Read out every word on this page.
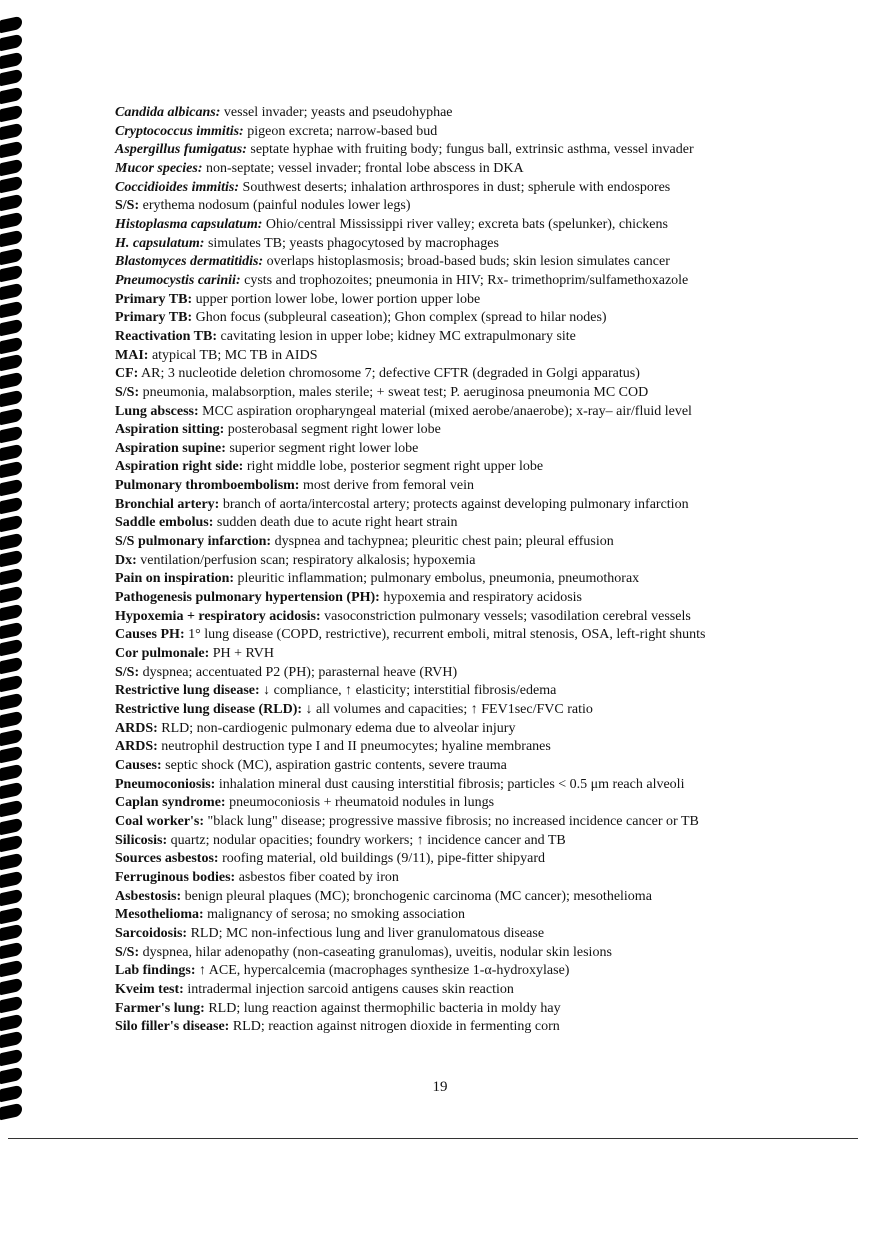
Candida albicans: vessel invader; yeasts and pseudohyphae
Cryptococcus immitis: pigeon excreta; narrow-based bud
Aspergillus fumigatus: septate hyphae with fruiting body; fungus ball, extrinsic asthma, vessel invader
Mucor species: non-septate; vessel invader; frontal lobe abscess in DKA
Coccidioides immitis: Southwest deserts; inhalation arthrospores in dust; spherule with endospores
S/S: erythema nodosum (painful nodules lower legs)
Histoplasma capsulatum: Ohio/central Mississippi river valley; excreta bats (spelunker), chickens
H. capsulatum: simulates TB; yeasts phagocytosed by macrophages
Blastomyces dermatitidis: overlaps histoplasmosis; broad-based buds; skin lesion simulates cancer
Pneumocystis carinii: cysts and trophozoites; pneumonia in HIV; Rx- trimethoprim/sulfamethoxazole
Primary TB: upper portion lower lobe, lower portion upper lobe
Primary TB: Ghon focus (subpleural caseation); Ghon complex (spread to hilar nodes)
Reactivation TB: cavitating lesion in upper lobe; kidney MC extrapulmonary site
MAI: atypical TB; MC TB in AIDS
CF: AR; 3 nucleotide deletion chromosome 7; defective CFTR (degraded in Golgi apparatus)
S/S: pneumonia, malabsorption, males sterile; + sweat test; P. aeruginosa pneumonia MC COD
Lung abscess: MCC aspiration oropharyngeal material (mixed aerobe/anaerobe); x-ray– air/fluid level
Aspiration sitting: posterobasal segment right lower lobe
Aspiration supine: superior segment right lower lobe
Aspiration right side: right middle lobe, posterior segment right upper lobe
Pulmonary thromboembolism: most derive from femoral vein
Bronchial artery: branch of aorta/intercostal artery; protects against developing pulmonary infarction
Saddle embolus: sudden death due to acute right heart strain
S/S pulmonary infarction: dyspnea and tachypnea; pleuritic chest pain; pleural effusion
Dx: ventilation/perfusion scan; respiratory alkalosis; hypoxemia
Pain on inspiration: pleuritic inflammation; pulmonary embolus, pneumonia, pneumothorax
Pathogenesis pulmonary hypertension (PH): hypoxemia and respiratory acidosis
Hypoxemia + respiratory acidosis: vasoconstriction pulmonary vessels; vasodilation cerebral vessels
Causes PH: 1° lung disease (COPD, restrictive), recurrent emboli, mitral stenosis, OSA, left-right shunts
Cor pulmonale: PH + RVH
S/S: dyspnea; accentuated P2 (PH); parasternal heave (RVH)
Restrictive lung disease: ↓ compliance, ↑ elasticity; interstitial fibrosis/edema
Restrictive lung disease (RLD): ↓ all volumes and capacities; ↑ FEV1sec/FVC ratio
ARDS: RLD; non-cardiogenic pulmonary edema due to alveolar injury
ARDS: neutrophil destruction type I and II pneumocytes; hyaline membranes
Causes: septic shock (MC), aspiration gastric contents, severe trauma
Pneumoconiosis: inhalation mineral dust causing interstitial fibrosis; particles < 0.5 μm reach alveoli
Caplan syndrome: pneumoconiosis + rheumatoid nodules in lungs
Coal worker's: "black lung" disease; progressive massive fibrosis; no increased incidence cancer or TB
Silicosis: quartz; nodular opacities; foundry workers; ↑ incidence cancer and TB
Sources asbestos: roofing material, old buildings (9/11), pipe-fitter shipyard
Ferruginous bodies: asbestos fiber coated by iron
Asbestosis: benign pleural plaques (MC); bronchogenic carcinoma (MC cancer); mesothelioma
Mesothelioma: malignancy of serosa; no smoking association
Sarcoidosis: RLD; MC non-infectious lung and liver granulomatous disease
S/S: dyspnea, hilar adenopathy (non-caseating granulomas), uveitis, nodular skin lesions
Lab findings: ↑ ACE, hypercalcemia (macrophages synthesize 1-α-hydroxylase)
Kveim test: intradermal injection sarcoid antigens causes skin reaction
Farmer's lung: RLD; lung reaction against thermophilic bacteria in moldy hay
Silo filler's disease: RLD; reaction against nitrogen dioxide in fermenting corn
19
